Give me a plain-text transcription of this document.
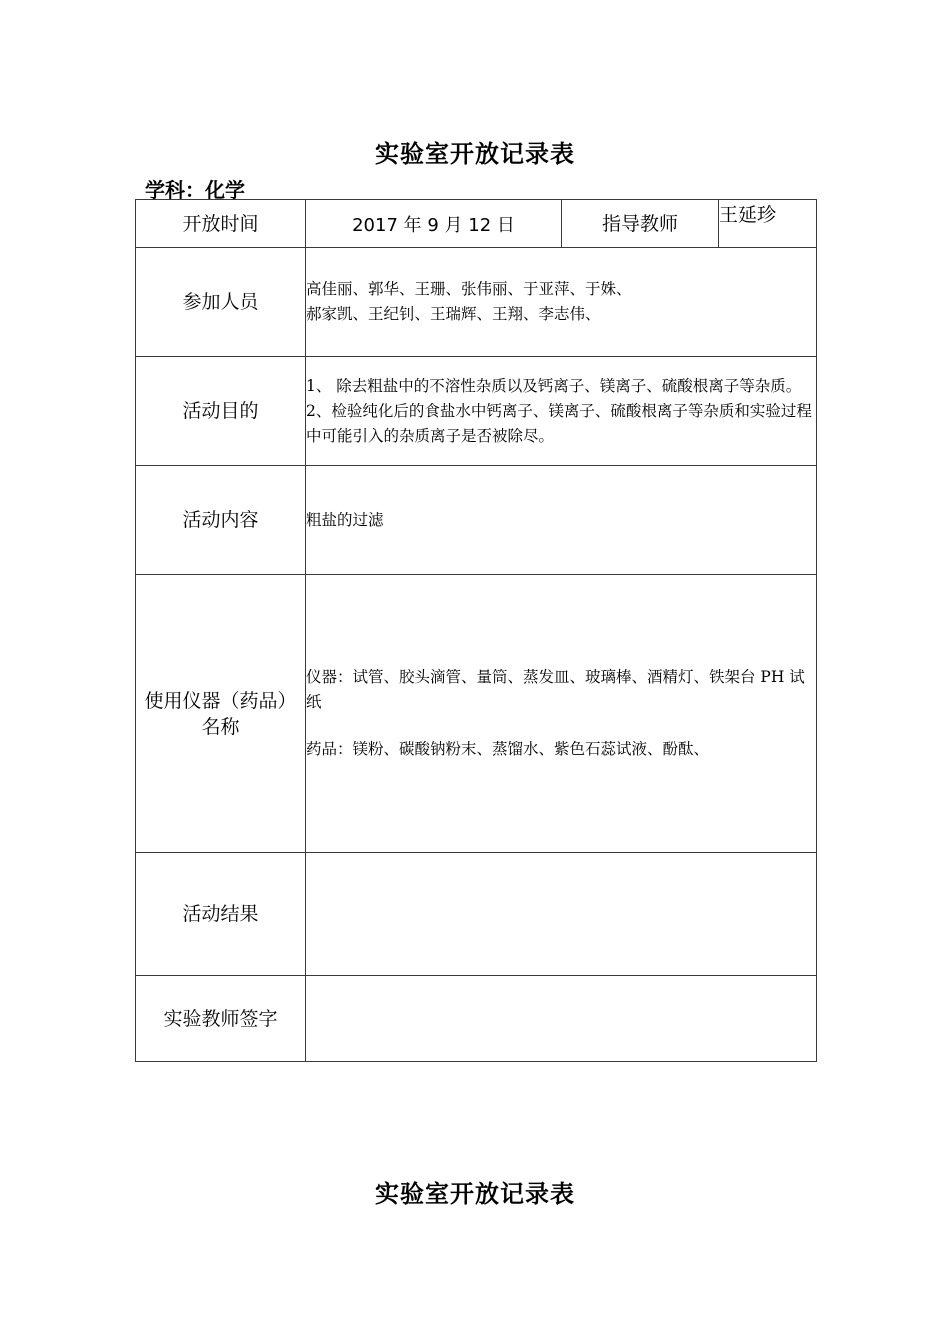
实验室开放记录表
学科：化学
开放时间	2017 年 9 月 12 日	指导教师	王延珍
参加人员	高佳丽、郭华、王珊、张伟丽、于亚萍、于姝、
郝家凯、王纪钊、王瑞辉、王翔、李志伟、		

活动目的	1、 除去粗盐中的不溶性杂质以及钙离子、镁离子、硫酸根离子等杂质。
2、检验纯化后的食盐水中钙离子、镁离子、硫酸根离子等杂质和实验过程中可能引入的杂质离子是否被除尽。		

活动内容	粗盐的过滤		
使用仪器（药品）名称	仪器：试管、胶头滴管、量筒、蒸发皿、玻璃棒、酒精灯、铁架台 PH 试纸
药品：镁粉、碳酸钠粉末、蒸馏水、紫色石蕊试液、酚酞、		

活动结果			
实验教师签字			
实验室开放记录表
